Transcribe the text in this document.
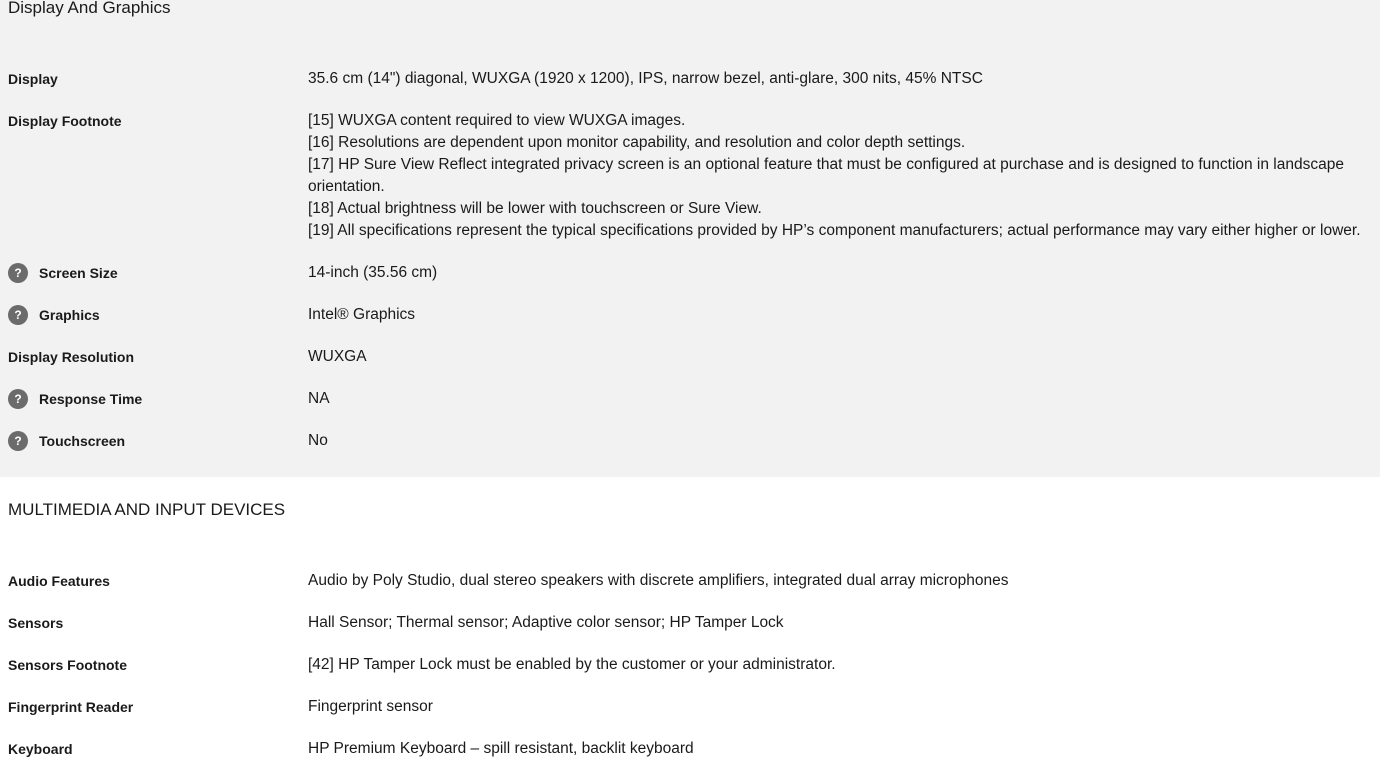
Display And Graphics
Display	35.6 cm (14") diagonal, WUXGA (1920 x 1200), IPS, narrow bezel, anti-glare, 300 nits, 45% NTSC
Display Footnote	[15] WUXGA content required to view WUXGA images.
[16] Resolutions are dependent upon monitor capability, and resolution and color depth settings.
[17] HP Sure View Reflect integrated privacy screen is an optional feature that must be configured at purchase and is designed to function in landscape
orientation.
[18] Actual brightness will be lower with touchscreen or Sure View.
[19] All specifications represent the typical specifications provided by HP’s component manufacturers; actual performance may vary either higher or lower.
?	Screen Size	14-inch (35.56 cm)
?	Graphics	Intel® Graphics
Display Resolution	WUXGA
?	Response Time	NA
?	Touchscreen	No
MULTIMEDIA AND INPUT DEVICES
Audio Features	Audio by Poly Studio, dual stereo speakers with discrete amplifiers, integrated dual array microphones
Sensors	Hall Sensor; Thermal sensor; Adaptive color sensor; HP Tamper Lock
Sensors Footnote	[42] HP Tamper Lock must be enabled by the customer or your administrator.
Fingerprint Reader	Fingerprint sensor
Keyboard	HP Premium Keyboard – spill resistant, backlit keyboard
